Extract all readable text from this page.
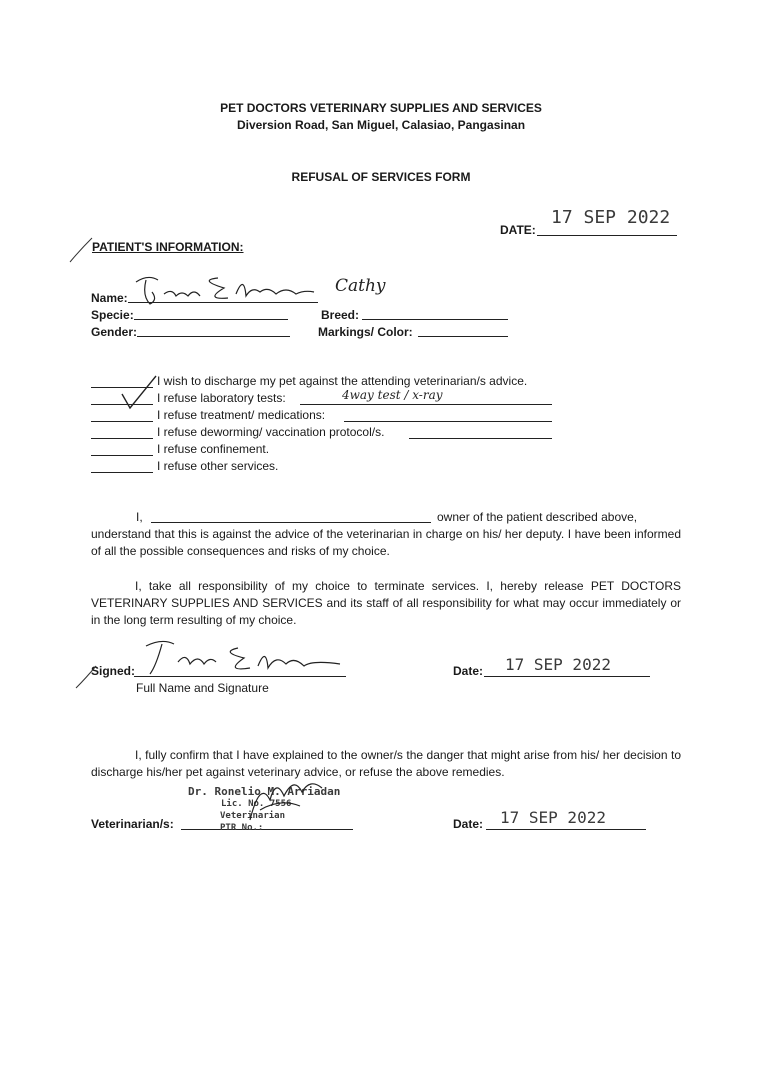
PET DOCTORS VETERINARY SUPPLIES AND SERVICES
Diversion Road, San Miguel, Calasiao, Pangasinan
REFUSAL OF SERVICES FORM
DATE:
17 SEP 2022
PATIENT'S INFORMATION:
Name:
Cathy
Specie:	Breed:
Gender:	Markings/ Color:
I wish to discharge my pet against the attending veterinarian/s advice.
I refuse laboratory tests:	4way test / x-ray
I refuse treatment/ medications:
I refuse deworming/ vaccination protocol/s.
I refuse confinement.
I refuse other services.
I,	owner of the patient described above,
understand that this is against the advice of the veterinarian in charge on his/ her deputy. I have been informed of all the possible consequences and risks of my choice.
I, take all responsibility of my choice to terminate services. I, hereby release PET DOCTORS VETERINARY SUPPLIES AND SERVICES and its staff of all responsibility for what may occur immediately or in the long term resulting of my choice.
Signed:
Full Name and Signature
Date: 17 SEP 2022
I, fully confirm that I have explained to the owner/s the danger that might arise from his/ her decision to discharge his/her pet against veterinary advice, or refuse the above remedies.
Veterinarian/s:
Dr. Ronelio M. Arriadan
Lic. No. 7556
Veterinarian
PTR No.:	Date: 17 SEP 2022
